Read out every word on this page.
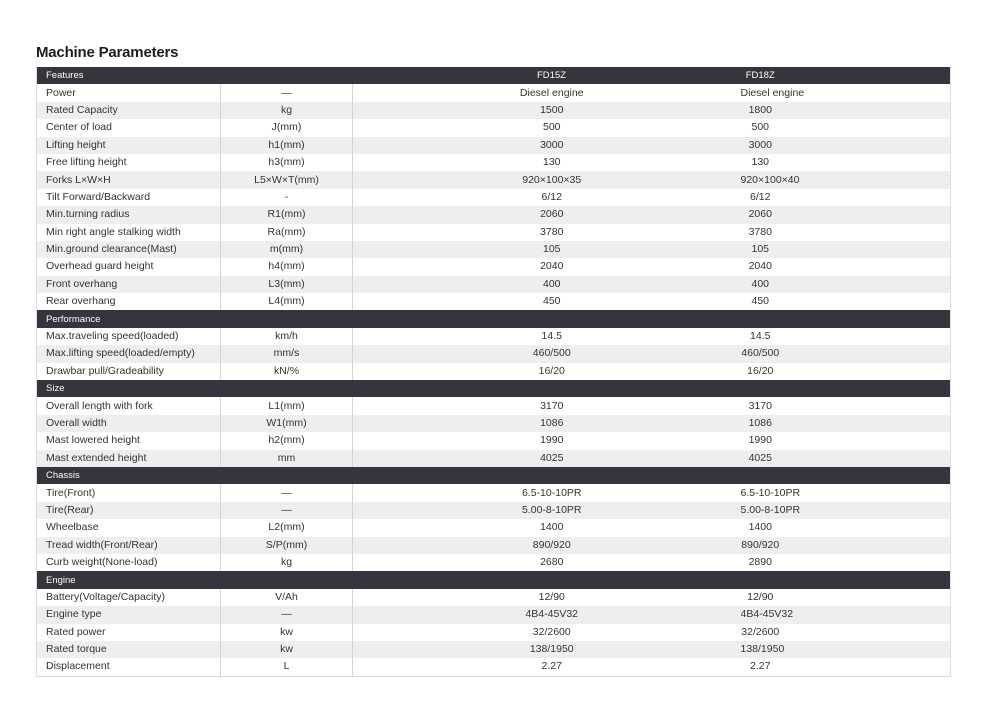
Machine Parameters
Features		FD15Z	FD18Z
Power	—	Diesel engine	Diesel engine
Rated Capacity	kg	1500	1800
Center of load	J(mm)	500	500
Lifting height	h1(mm)	3000	3000
Free lifting height	h3(mm)	130	130
Forks L×W×H	L5×W×T(mm)	920×100×35	920×100×40
Tilt Forward/Backward	-	6/12	6/12
Min.turning radius	R1(mm)	2060	2060
Min right angle stalking width	Ra(mm)	3780	3780
Min.ground clearance(Mast)	m(mm)	105	105
Overhead guard height	h4(mm)	2040	2040
Front overhang	L3(mm)	400	400
Rear overhang	L4(mm)	450	450
Performance			
Max.traveling speed(loaded)	km/h	14.5	14.5
Max.lifting speed(loaded/empty)	mm/s	460/500	460/500
Drawbar pull/Gradeability	kN/%	16/20	16/20
Size			
Overall length with fork	L1(mm)	3170	3170
Overall width	W1(mm)	1086	1086
Mast lowered height	h2(mm)	1990	1990
Mast extended height	mm	4025	4025
Chassis			
Tire(Front)	—	6.5-10-10PR	6.5-10-10PR
Tire(Rear)	—	5.00-8-10PR	5.00-8-10PR
Wheelbase	L2(mm)	1400	1400
Tread width(Front/Rear)	S/P(mm)	890/920	890/920
Curb weight(None-load)	kg	2680	2890
Engine			
Battery(Voltage/Capacity)	V/Ah	12/90	12/90
Engine type	—	4B4-45V32	4B4-45V32
Rated power	kw	32/2600	32/2600
Rated torque	kw	138/1950	138/1950
Displacement	L	2.27	2.27
